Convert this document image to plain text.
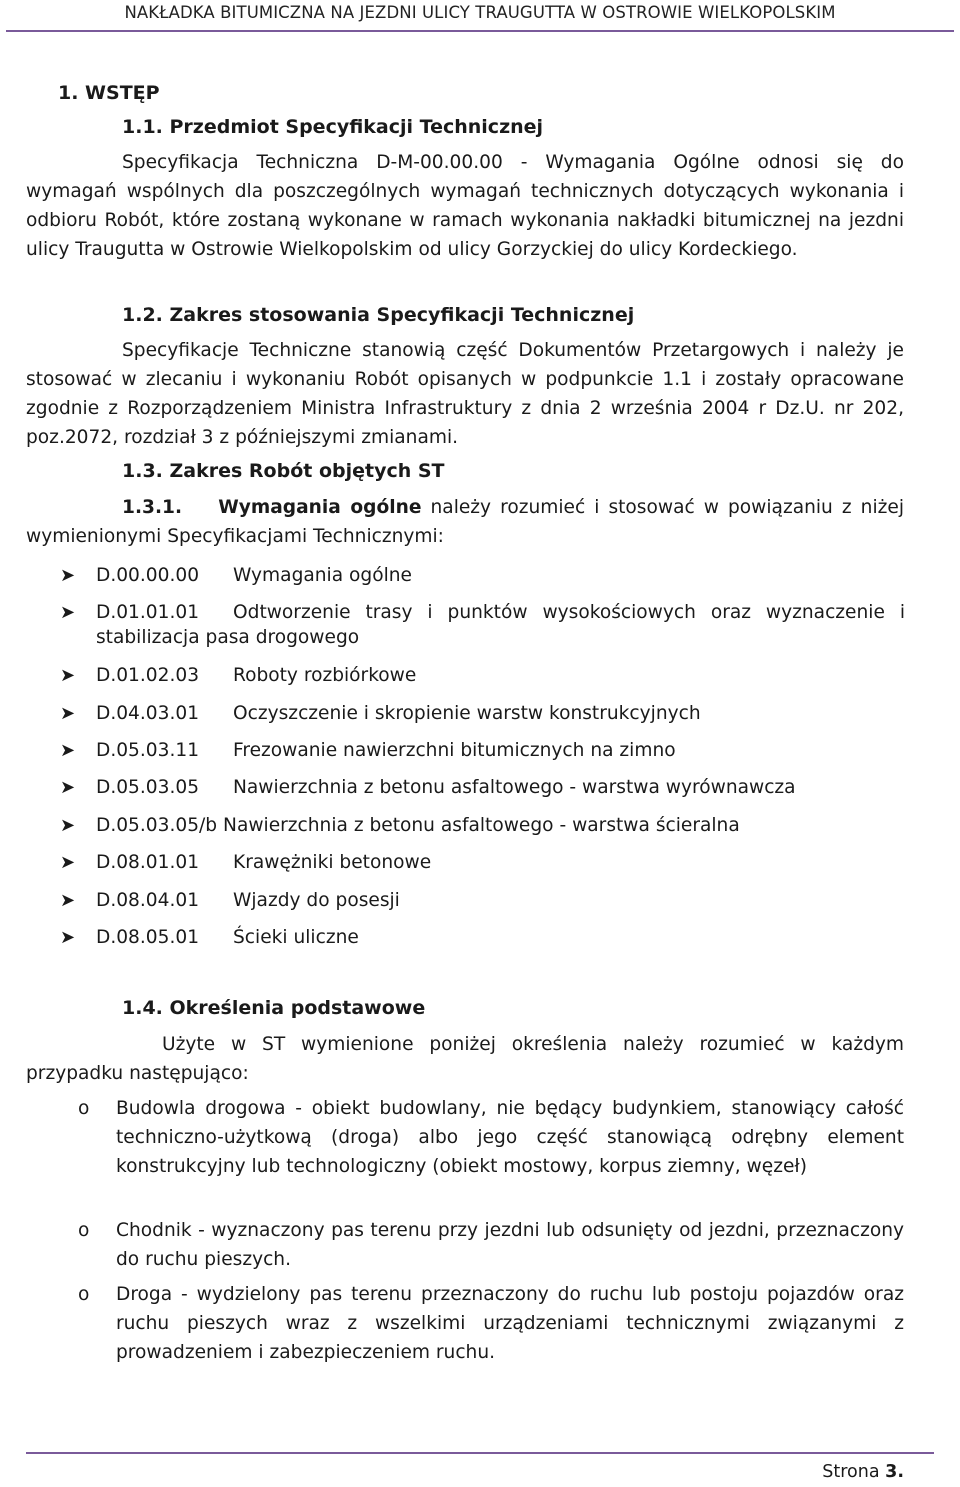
NAKŁADKA BITUMICZNA NA JEZDNI ULICY TRAUGUTTA W OSTROWIE WIELKOPOLSKIM
1. WSTĘP
1.1. Przedmiot Specyfikacji Technicznej
Specyfikacja Techniczna D-M-00.00.00 - Wymagania Ogólne odnosi się do wymagań wspólnych dla poszczególnych wymagań technicznych dotyczących wykonania i odbioru Robót, które zostaną wykonane w ramach wykonania nakładki bitumicznej na jezdni ulicy Traugutta w Ostrowie Wielkopolskim od ulicy Gorzyckiej do ulicy Kordeckiego.
1.2. Zakres stosowania Specyfikacji Technicznej
Specyfikacje Techniczne stanowią część Dokumentów Przetargowych i należy je stosować w zlecaniu i wykonaniu Robót opisanych w podpunkcie 1.1 i zostały opracowane zgodnie z Rozporządzeniem Ministra Infrastruktury z dnia 2 września 2004 r Dz.U. nr 202, poz.2072, rozdział 3 z późniejszymi zmianami.
1.3. Zakres Robót objętych ST
1.3.1. Wymagania ogólne należy rozumieć i stosować w powiązaniu z niżej wymienionymi Specyfikacjami Technicznymi:
➤ D.00.00.00 Wymagania ogólne
➤ D.01.01.01 Odtworzenie trasy i punktów wysokościowych oraz wyznaczenie i stabilizacja pasa drogowego
➤ D.01.02.03 Roboty rozbiórkowe
➤ D.04.03.01 Oczyszczenie i skropienie warstw konstrukcyjnych
➤ D.05.03.11 Frezowanie nawierzchni bitumicznych na zimno
➤ D.05.03.05 Nawierzchnia z betonu asfaltowego - warstwa wyrównawcza
➤ D.05.03.05/b Nawierzchnia z betonu asfaltowego - warstwa ścieralna
➤ D.08.01.01 Krawężniki betonowe
➤ D.08.04.01 Wjazdy do posesji
➤ D.08.05.01 Ścieki uliczne
1.4. Określenia podstawowe
Użyte w ST wymienione poniżej określenia należy rozumieć w każdym przypadku następująco:
o Budowla drogowa - obiekt budowlany, nie będący budynkiem, stanowiący całość techniczno-użytkową (droga) albo jego część stanowiącą odrębny element konstrukcyjny lub technologiczny (obiekt mostowy, korpus ziemny, węzeł)
o Chodnik - wyznaczony pas terenu przy jezdni lub odsunięty od jezdni, przeznaczony do ruchu pieszych.
o Droga - wydzielony pas terenu przeznaczony do ruchu lub postoju pojazdów oraz ruchu pieszych wraz z wszelkimi urządzeniami technicznymi związanymi z prowadzeniem i zabezpieczeniem ruchu.
Strona 3.
